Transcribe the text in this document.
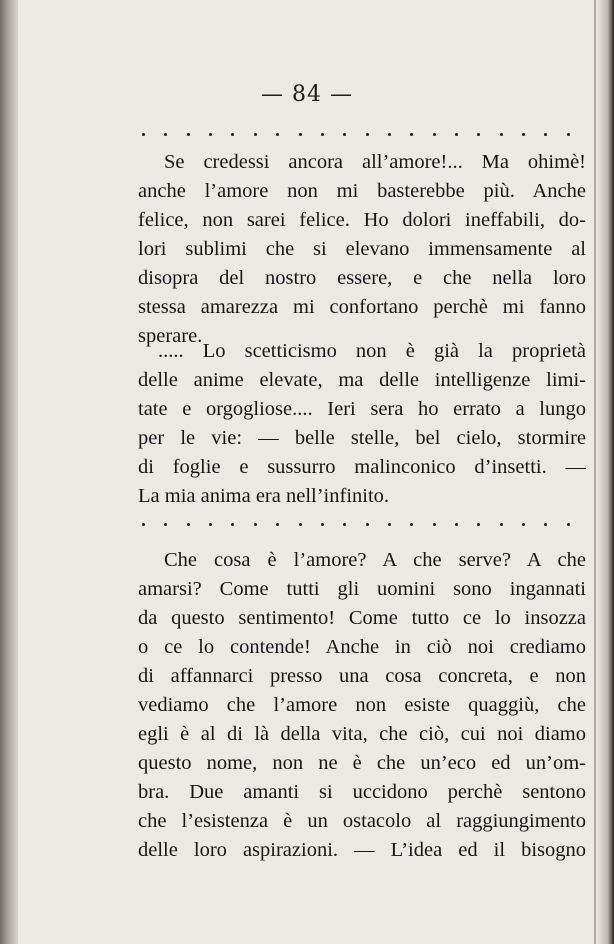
— 84 —

Se credessi ancora all’amore!... Ma ohimè!
anche l’amore non mi basterebbe più. Anche
felice, non sarei felice. Ho dolori ineffabili, do-
lori sublimi che si elevano immensamente al
disopra del nostro essere, e che nella loro
stessa amarezza mi confortano perchè mi fanno
sperare.

..... Lo scetticismo non è già la proprietà
delle anime elevate, ma delle intelligenze limi-
tate e orgogliose.... Ieri sera ho errato a lungo
per le vie: — belle stelle, bel cielo, stormire
di foglie e sussurro malinconico d’insetti. —
La mia anima era nell’infinito.

Che cosa è l’amore? A che serve? A che
amarsi? Come tutti gli uomini sono ingannati
da questo sentimento! Come tutto ce lo insozza
o ce lo contende! Anche in ciò noi crediamo
di affannarci presso una cosa concreta, e non
vediamo che l’amore non esiste quaggiù, che
egli è al di là della vita, che ciò, cui noi diamo
questo nome, non ne è che un’eco ed un’om-
bra. Due amanti si uccidono perchè sentono
che l’esistenza è un ostacolo al raggiungimento
delle loro aspirazioni. — L’idea ed il bisogno
